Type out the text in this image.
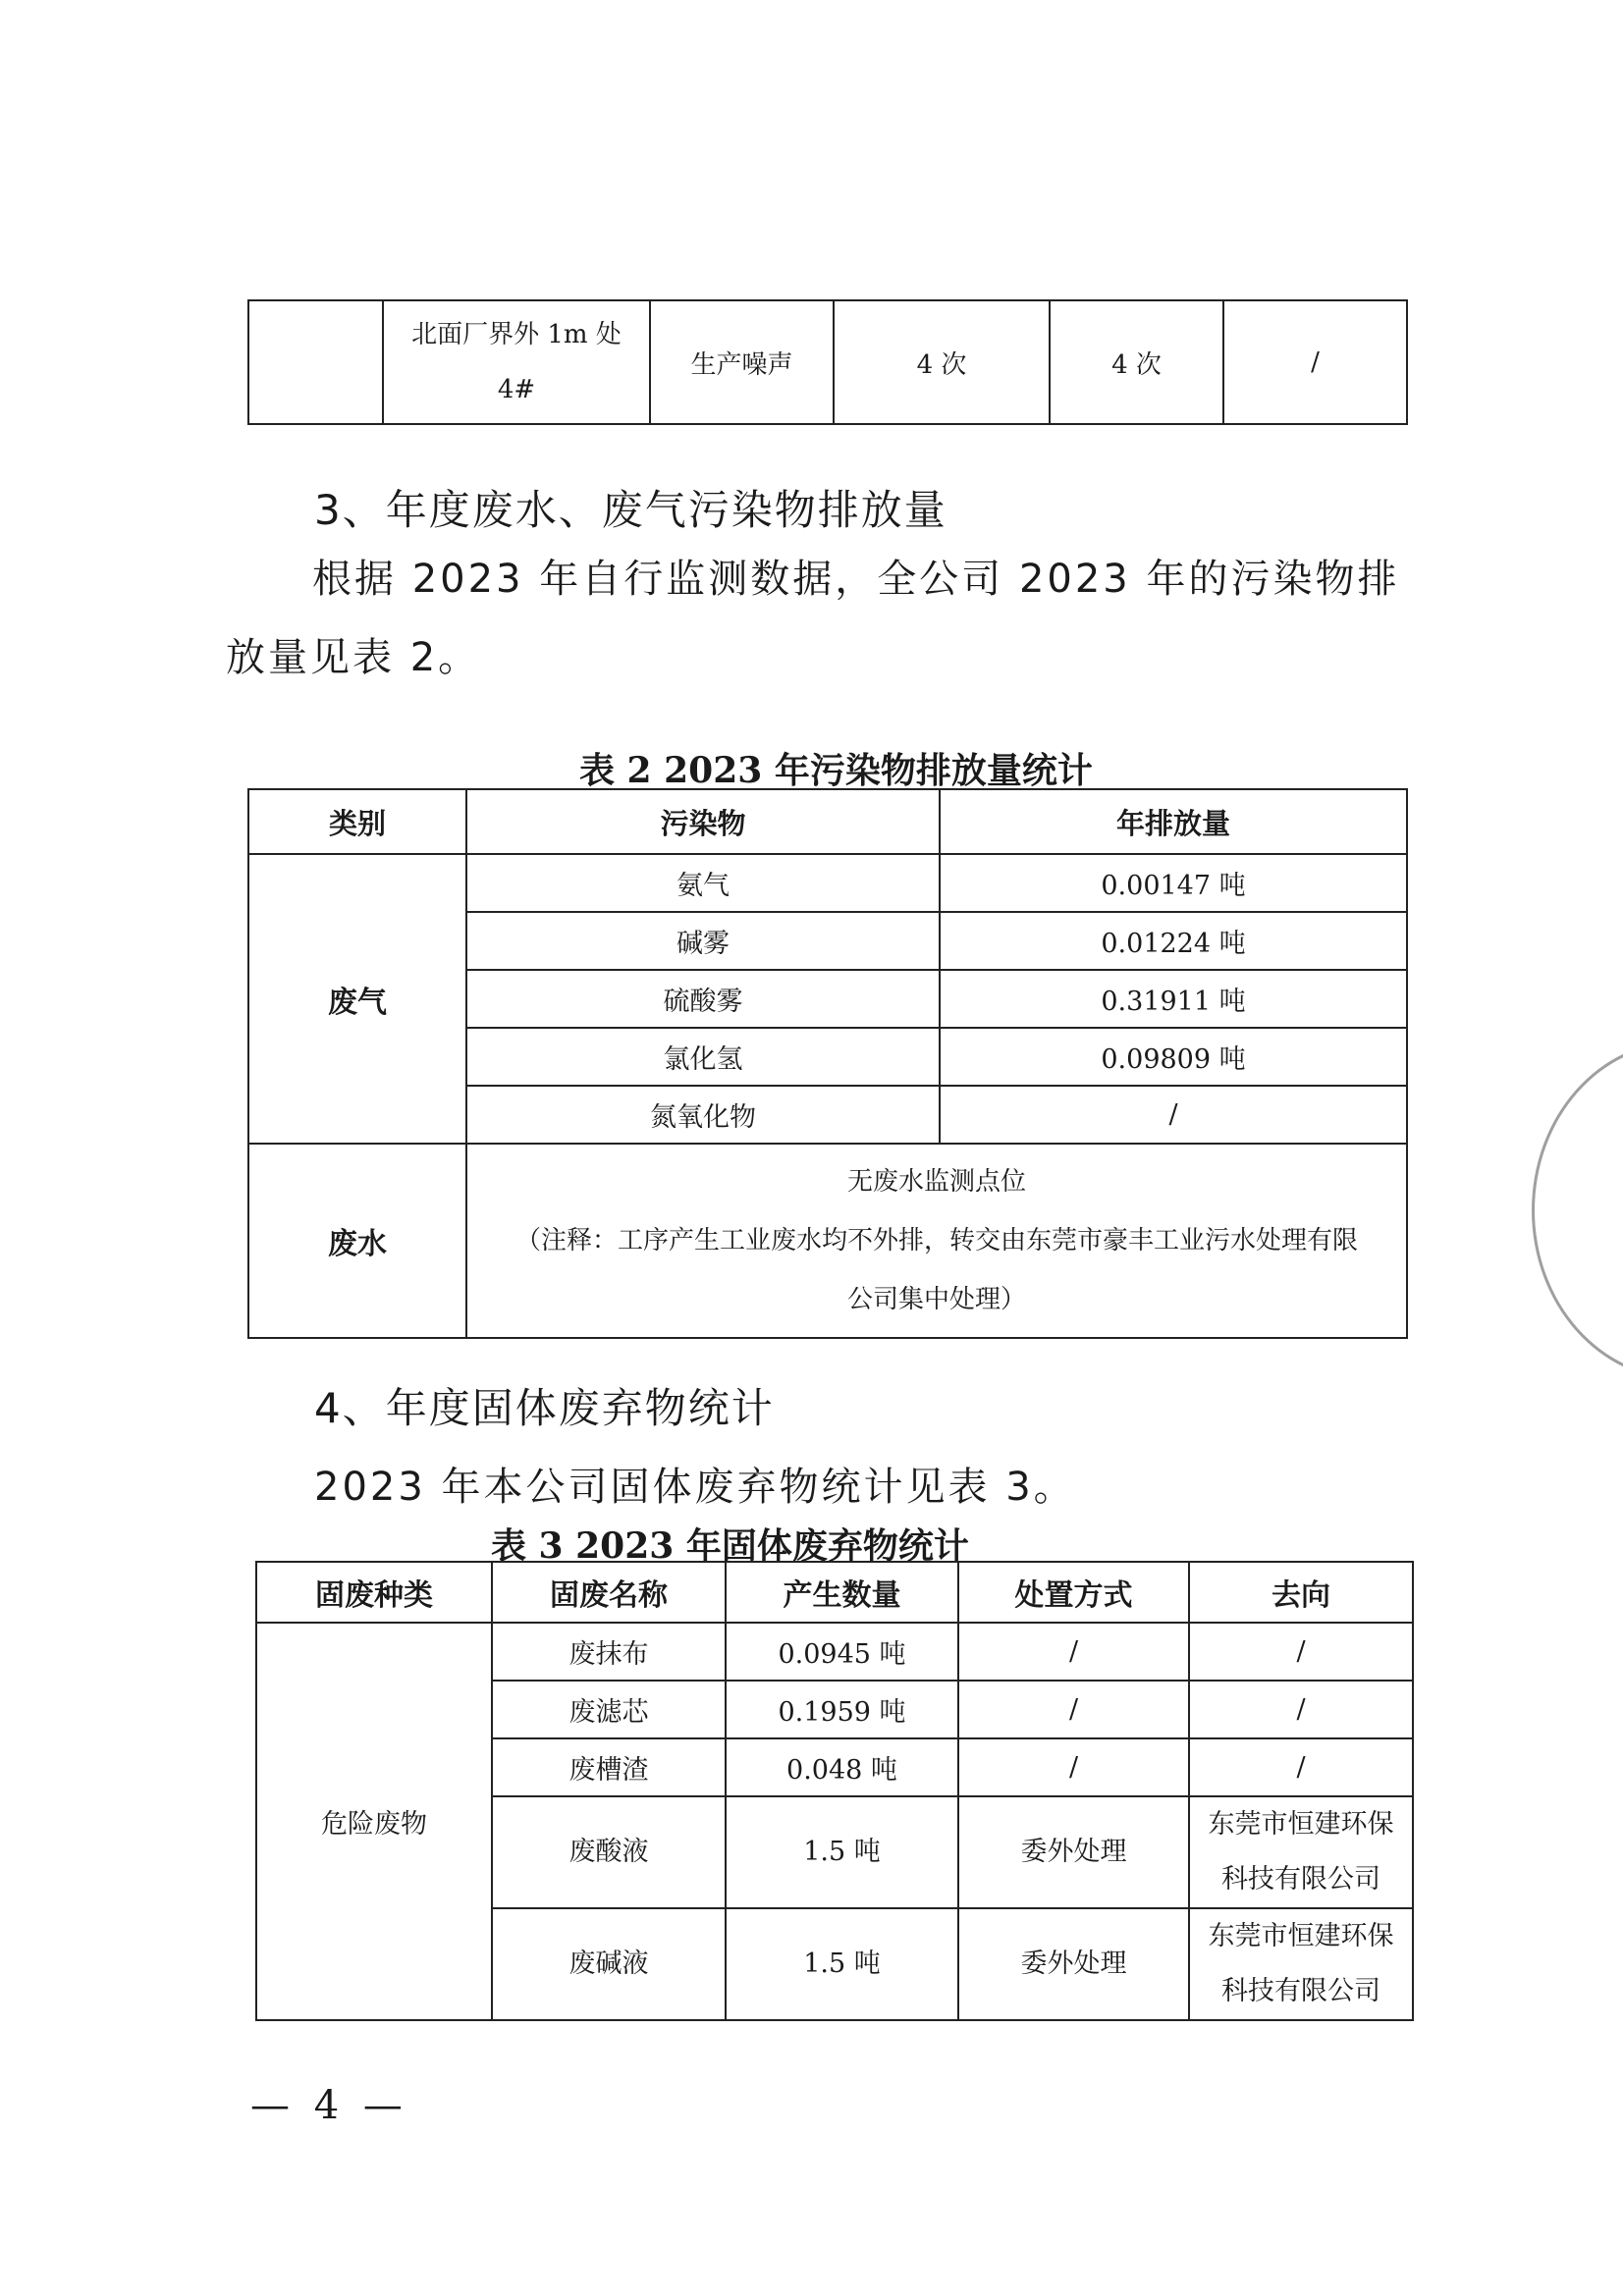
	北面厂界外 1m 处
4#	生产噪声	4 次	4 次	/
3、年度废水、废气污染物排放量
根据 2023 年自行监测数据，全公司 2023 年的污染物排放量见表 2。
表 2 2023 年污染物排放量统计
类别	污染物	年排放量
废气	氨气	0.00147 吨
	碱雾	0.01224 吨
	硫酸雾	0.31911 吨
	氯化氢	0.09809 吨
	氮氧化物	/
废水	无废水监测点位
（注释：工序产生工业废水均不外排，转交由东莞市豪丰工业污水处理有限
公司集中处理）	
4、年度固体废弃物统计
2023 年本公司固体废弃物统计见表 3。
表 3 2023 年固体废弃物统计
固废种类	固废名称	产生数量	处置方式	去向
危险废物	废抹布	0.0945 吨	/	/
	废滤芯	0.1959 吨	/	/
	废槽渣	0.048 吨	/	/
	废酸液	1.5 吨	委外处理	东莞市恒建环保
科技有限公司
	废碱液	1.5 吨	委外处理	东莞市恒建环保
科技有限公司
— 4 —
